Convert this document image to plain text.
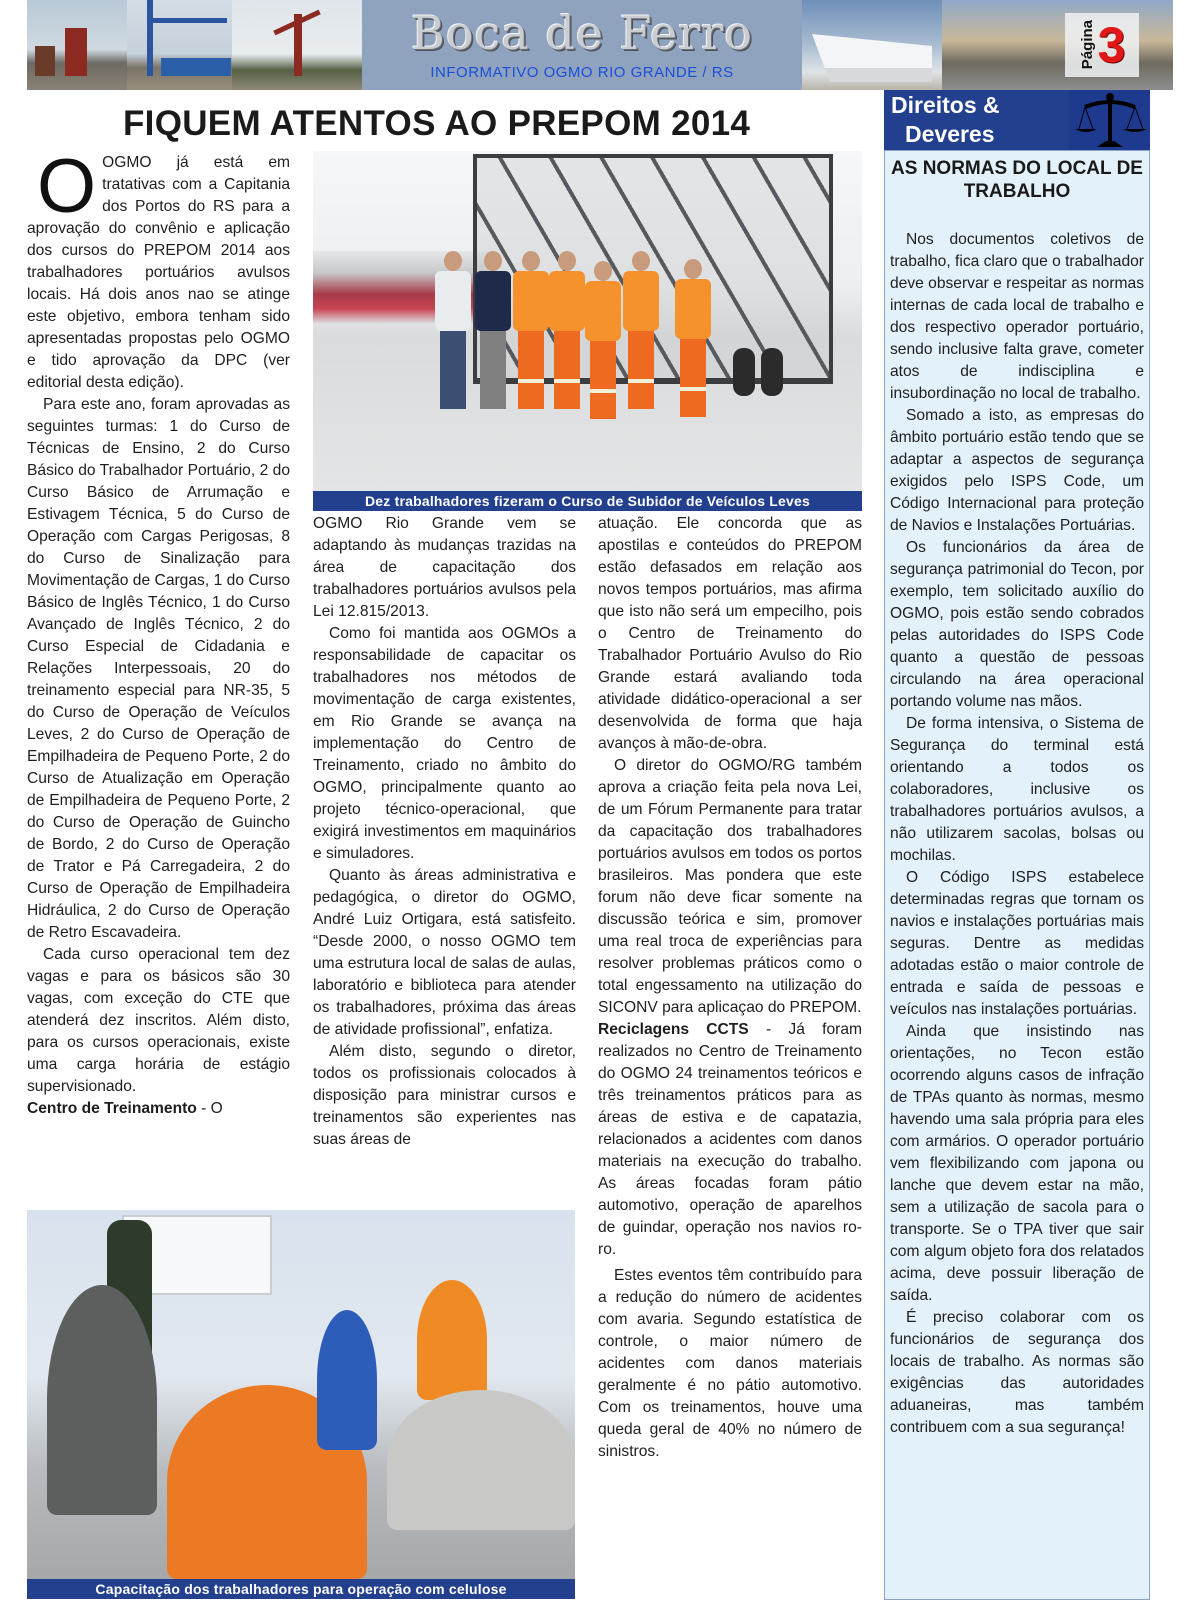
Boca de Ferro
INFORMATIVO OGMO RIO GRANDE / RS
Página 3
FIQUEM ATENTOS AO PREPOM 2014

OOGMO já está em tratativas com a Capitania dos Portos do RS para a aprovação do convênio e aplicação dos cursos do PREPOM 2014 aos trabalhadores portuários avulsos locais. Há dois anos nao se atinge este objetivo, embora tenham sido apresentadas propostas pelo OGMO e tido aprovação da DPC (ver editorial desta edição).

Para este ano, foram aprovadas as seguintes turmas: 1 do Curso de Técnicas de Ensino, 2 do Curso Básico do Trabalhador Portuário, 2 do Curso Básico de Arrumação e Estivagem Técnica, 5 do Curso de Operação com Cargas Perigosas, 8 do Curso de Sinalização para Movimentação de Cargas, 1 do Curso Básico de Inglês Técnico, 1 do Curso Avançado de Inglês Técnico, 2 do Curso Especial de Cidadania e Relações Interpessoais, 20 do treinamento especial para NR-35, 5 do Curso de Operação de Veículos Leves, 2 do Curso de Operação de Empilhadeira de Pequeno Porte, 2 do Curso de Atualização em Operação de Empilhadeira de Pequeno Porte, 2 do Curso de Operação de Guincho de Bordo, 2 do Curso de Operação de Trator e Pá Carregadeira, 2 do Curso de Operação de Empilhadeira Hidráulica, 2 do Curso de Operação de Retro Escavadeira.

Cada curso operacional tem dez vagas e para os básicos são 30 vagas, com exceção do CTE que atenderá dez inscritos. Além disto, para os cursos operacionais, existe uma carga horária de estágio supervisionado.

Centro de Treinamento - O

Dez trabalhadores fizeram o Curso de Subidor de Veículos Leves

OGMO Rio Grande vem se adaptando às mudanças trazidas na área de capacitação dos trabalhadores portuários avulsos pela Lei 12.815/2013.

Como foi mantida aos OGMOs a responsabilidade de capacitar os trabalhadores nos métodos de movimentação de carga existentes, em Rio Grande se avança na implementação do Centro de Treinamento, criado no âmbito do OGMO, principalmente quanto ao projeto técnico-operacional, que exigirá investimentos em maquinários e simuladores.

Quanto às áreas administrativa e pedagógica, o diretor do OGMO, André Luiz Ortigara, está satisfeito. “Desde 2000, o nosso OGMO tem uma estrutura local de salas de aulas, laboratório e biblioteca para atender os trabalhadores, próxima das áreas de atividade profissional”, enfatiza.

Além disto, segundo o diretor, todos os profissionais colocados à disposição para ministrar cursos e treinamentos são experientes nas suas áreas de

atuação. Ele concorda que as apostilas e conteúdos do PREPOM estão defasados em relação aos novos tempos portuários, mas afirma que isto não será um empecilho, pois o Centro de Treinamento do Trabalhador Portuário Avulso do Rio Grande estará avaliando toda atividade didático-operacional a ser desenvolvida de forma que haja avanços à mão-de-obra.

O diretor do OGMO/RG também aprova a criação feita pela nova Lei, de um Fórum Permanente para tratar da capacitação dos trabalhadores portuários avulsos em todos os portos brasileiros. Mas pondera que este forum não deve ficar somente na discussão teórica e sim, promover uma real troca de experiências para resolver problemas práticos como o total engessamento na utilização do SICONV para aplicaçao do PREPOM.

Reciclagens CCTS - Já foram realizados no Centro de Treinamento do OGMO 24 treinamentos teóricos e três treinamentos práticos para as áreas de estiva e de capatazia, relacionados a acidentes com danos materiais na execução do trabalho. As áreas focadas foram pátio automotivo, operação de aparelhos de guindar, operação nos navios ro-ro.

Estes eventos têm contribuído para a redução do número de acidentes com avaria. Segundo estatística de controle, o maior número de acidentes com danos materiais geralmente é no pátio automotivo. Com os treinamentos, houve uma queda geral de 40% no número de sinistros.

Capacitação dos trabalhadores para operação com celulose
Direitos &
Deveres
AS NORMAS DO LOCAL DE TRABALHO

Nos documentos coletivos de trabalho, fica claro que o trabalhador deve observar e respeitar as normas internas de cada local de trabalho e dos respectivo operador portuário, sendo inclusive falta grave, cometer atos de indisciplina e insubordinação no local de trabalho.

Somado a isto, as empresas do âmbito portuário estão tendo que se adaptar a aspectos de segurança exigidos pelo ISPS Code, um Código Internacional para proteção de Navios e Instalações Portuárias.

Os funcionários da área de segurança patrimonial do Tecon, por exemplo, tem solicitado auxílio do OGMO, pois estão sendo cobrados pelas autoridades do ISPS Code quanto a questão de pessoas circulando na área operacional portando volume nas mãos.

De forma intensiva, o Sistema de Segurança do terminal está orientando a todos os colaboradores, inclusive os trabalhadores portuários avulsos, a não utilizarem sacolas, bolsas ou mochilas.

O Código ISPS estabelece determinadas regras que tornam os navios e instalações portuárias mais seguras. Dentre as medidas adotadas estão o maior controle de entrada e saída de pessoas e veículos nas instalações portuárias.

Ainda que insistindo nas orientações, no Tecon estão ocorrendo alguns casos de infração de TPAs quanto às normas, mesmo havendo uma sala própria para eles com armários. O operador portuário vem flexibilizando com japona ou lanche que devem estar na mão, sem a utilização de sacola para o transporte. Se o TPA tiver que sair com algum objeto fora dos relatados acima, deve possuir liberação de saída.

É preciso colaborar com os funcionários de segurança dos locais de trabalho. As normas são exigências das autoridades aduaneiras, mas também contribuem com a sua segurança!
